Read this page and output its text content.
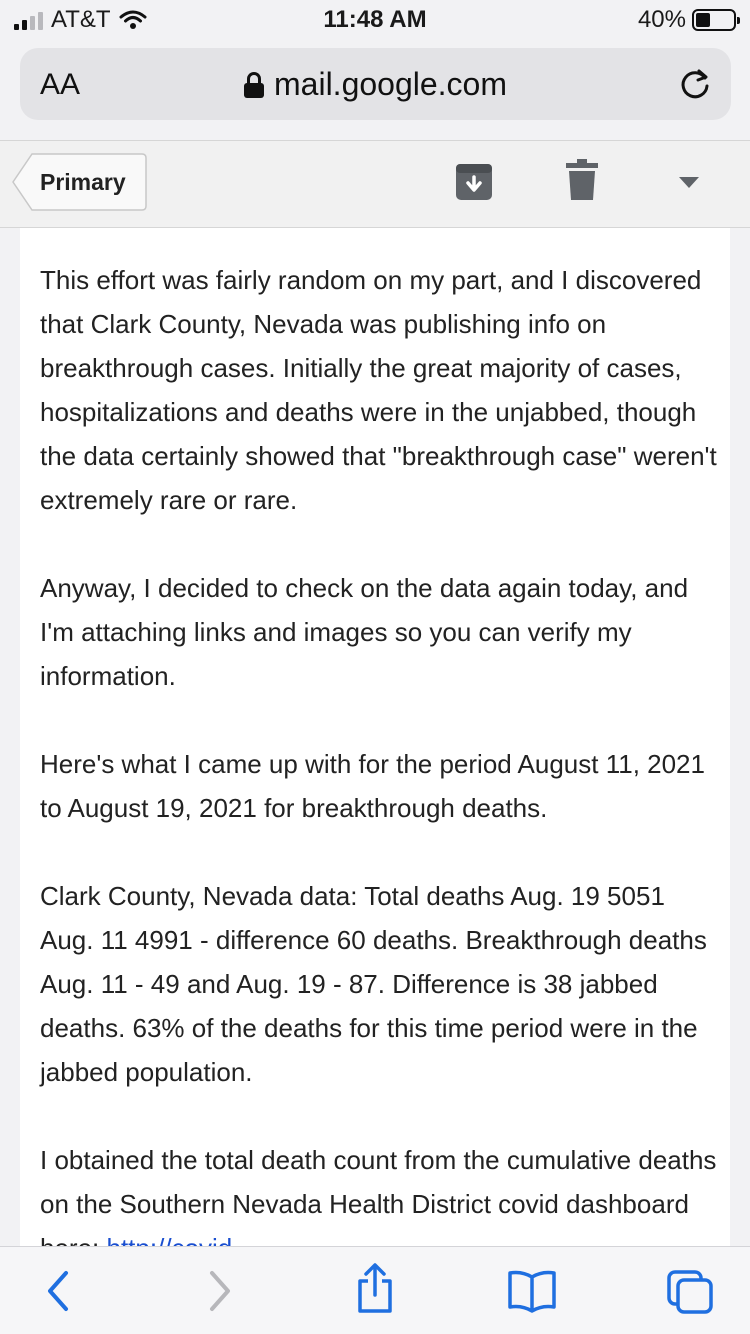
AT&T	11:48 AM	40%
AA	mail.google.com
Primary

This effort was fairly random on my part, and I discovered that Clark County, Nevada was publishing info on breakthrough cases. Initially the great majority of cases, hospitalizations and deaths were in the unjabbed, though the data certainly showed that "breakthrough case" weren't extremely rare or rare.

Anyway, I decided to check on the data again today, and I'm attaching links and images so you can verify my information.

Here's what I came up with for the period August 11, 2021 to August 19, 2021 for breakthrough deaths.

Clark County, Nevada data: Total deaths Aug. 19 5051 Aug. 11 4991 - difference 60 deaths. Breakthrough deaths Aug. 11 - 49 and Aug. 19 - 87. Difference is 38 jabbed deaths. 63% of the deaths for this time period were in the jabbed population.

I obtained the total death count from the cumulative deaths on the Southern Nevada Health District covid dashboard
